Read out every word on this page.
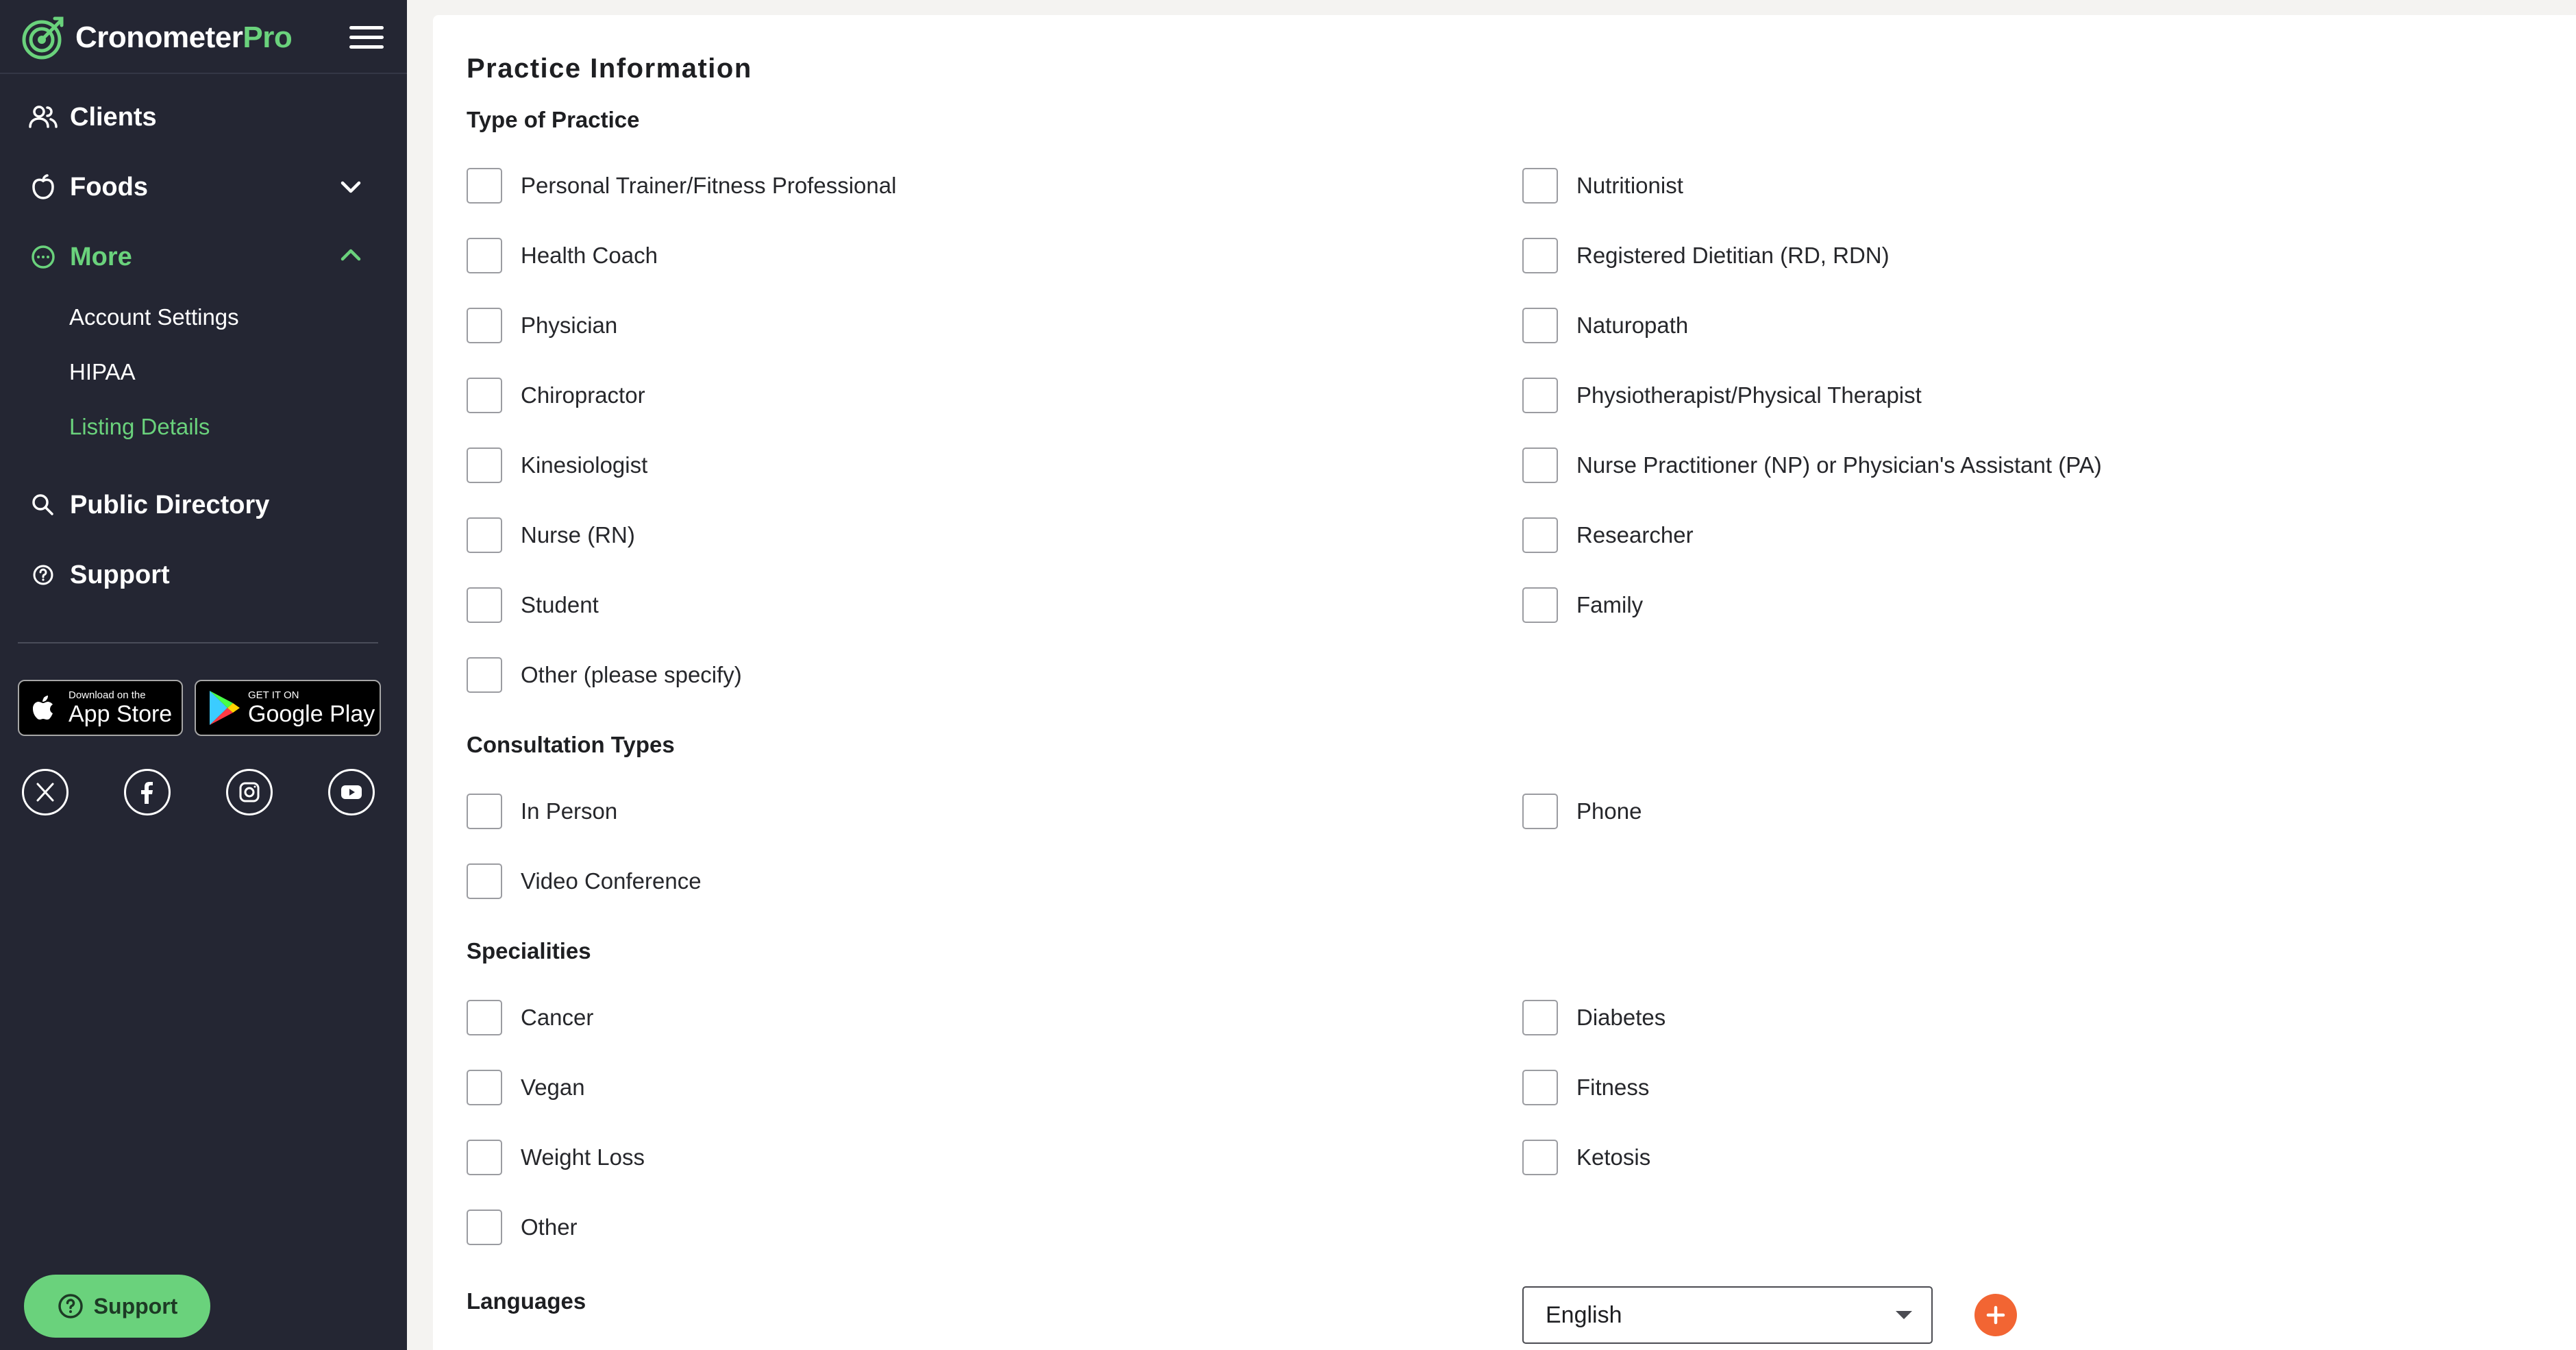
CronometerPro
Clients
Foods
More
Account Settings
HIPAA
Listing Details
Public Directory
Support
Download on the
App Store
GET IT ON
Google Play
Support
Practice Information
Type of Practice
Personal Trainer/Fitness Professional
Health Coach
Physician
Chiropractor
Kinesiologist
Nurse (RN)
Student
Other (please specify)
Nutritionist
Registered Dietitian (RD, RDN)
Naturopath
Physiotherapist/Physical Therapist
Nurse Practitioner (NP) or Physician's Assistant (PA)
Researcher
Family
Consultation Types
In Person
Video Conference
Phone
Specialities
Cancer
Vegan
Weight Loss
Other
Diabetes
Fitness
Ketosis
Languages
English
